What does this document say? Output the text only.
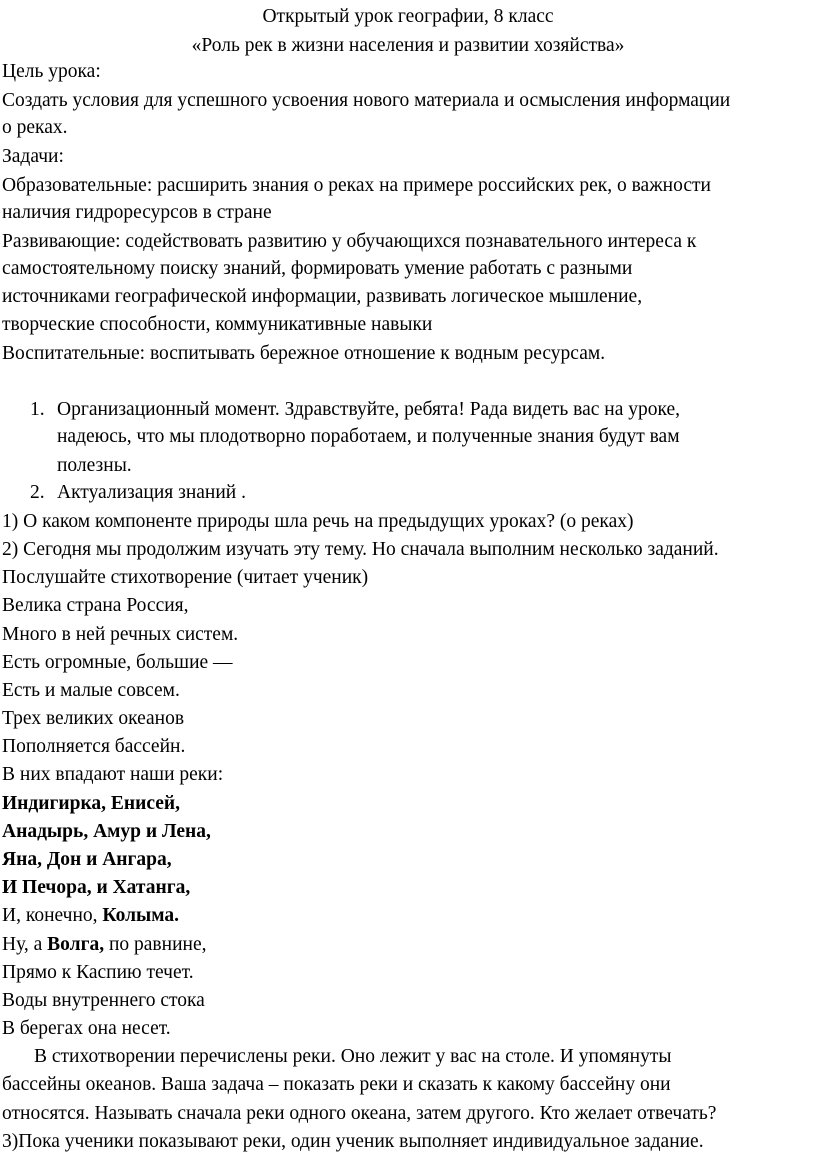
Открытый урок географии, 8 класс

«Роль рек в жизни населения и развитии хозяйства»

Цель урока:

Создать условия для успешного усвоения нового материала и осмысления информации

о реках.

Задачи:

Образовательные: расширить знания о реках на примере российских рек, о важности

наличия гидроресурсов в стране

Развивающие: содействовать развитию у обучающихся познавательного интереса к

самостоятельному поиску знаний, формировать умение работать с разными

источниками географической информации, развивать логическое мышление,

творческие способности, коммуникативные навыки

Воспитательные: воспитывать бережное отношение к водным ресурсам.

1. Организационный момент. Здравствуйте, ребята! Рада видеть вас на уроке,

надеюсь, что мы плодотворно поработаем, и полученные знания будут вам

полезны.

2. Актуализация знаний .

1) О каком компоненте природы шла речь на предыдущих уроках? (о реках)

2) Сегодня мы продолжим изучать эту тему. Но сначала выполним несколько заданий.

Послушайте стихотворение (читает ученик)

Велика страна Россия,

Много в ней речных систем.

Есть огромные, большие —

Есть и малые совсем.

Трех великих океанов

Пополняется бассейн.

В них впадают наши реки:

Индигирка, Енисей,

Анадырь, Амур и Лена,

Яна, Дон и Ангара,

И Печора, и Хатанга,

И, конечно, Колыма.

Ну, а Волга, по равнине,

Прямо к Каспию течет.

Воды внутреннего стока

В берегах она несет.

В стихотворении перечислены реки. Оно лежит у вас на столе. И упомянуты

бассейны океанов. Ваша задача – показать реки и сказать к какому бассейну они

относятся. Называть сначала реки одного океана, затем другого. Кто желает отвечать?

3)Пока ученики показывают реки, один ученик выполняет индивидуальное задание.
